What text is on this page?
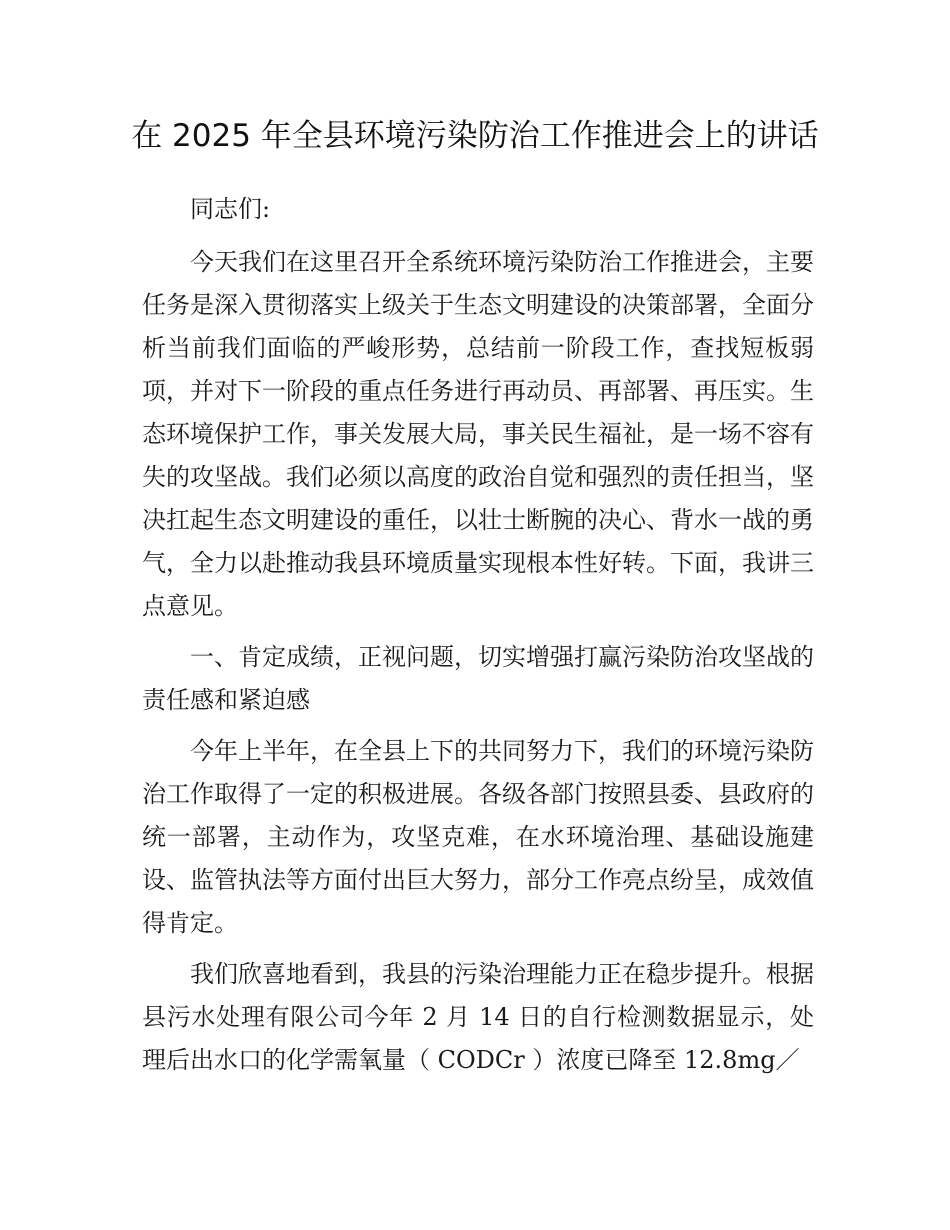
在 2025 年全县环境污染防治工作推进会上的讲话

同志们:

今天我们在这里召开全系统环境污染防治工作推进会，主要任务是深入贯彻落实上级关于生态文明建设的决策部署，全面分析当前我们面临的严峻形势，总结前一阶段工作，查找短板弱项，并对下一阶段的重点任务进行再动员、再部署、再压实。生态环境保护工作，事关发展大局，事关民生福祉，是一场不容有失的攻坚战。我们必须以高度的政治自觉和强烈的责任担当，坚决扛起生态文明建设的重任，以壮士断腕的决心、背水一战的勇气，全力以赴推动我县环境质量实现根本性好转。下面，我讲三点意见。

一、肯定成绩，正视问题，切实增强打赢污染防治攻坚战的责任感和紧迫感

今年上半年，在全县上下的共同努力下，我们的环境污染防治工作取得了一定的积极进展。各级各部门按照县委、县政府的统一部署，主动作为，攻坚克难，在水环境治理、基础设施建设、监管执法等方面付出巨大努力，部分工作亮点纷呈，成效值得肯定。

我们欣喜地看到，我县的污染治理能力正在稳步提升。根据县污水处理有限公司今年 2 月 14 日的自行检测数据显示，处理后出水口的化学需氧量（ CODCr ）浓度已降至 12.8mg／
